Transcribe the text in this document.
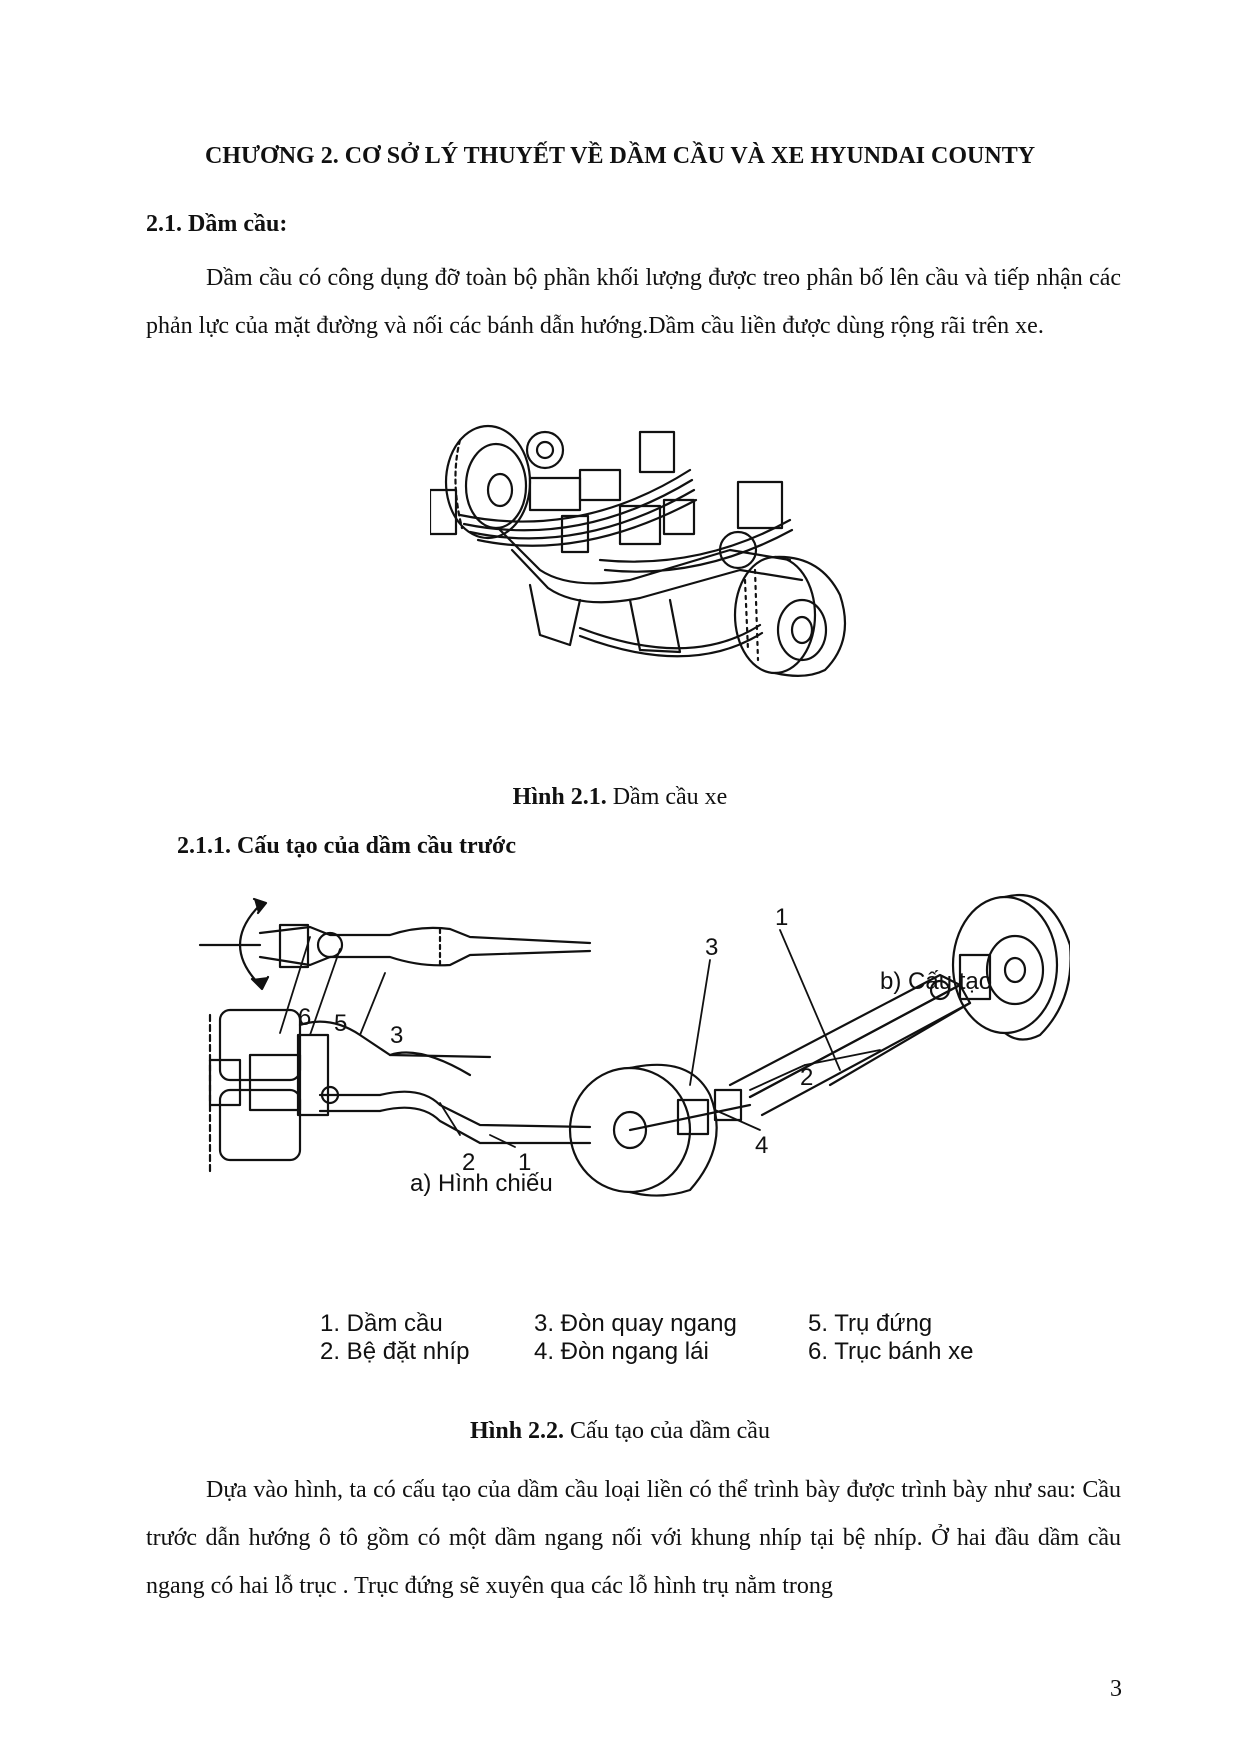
CHƯƠNG 2. CƠ SỞ LÝ THUYẾT VỀ DẦM CẦU VÀ XE HYUNDAI COUNTY
2.1. Dầm cầu:
Dầm cầu có công dụng đỡ toàn bộ phần khối lượng được treo phân bố lên cầu và tiếp nhận các phản lực của mặt đường và nối các bánh dẫn hướng.Dầm cầu liền được dùng rộng rãi trên xe.
Hình 2.1. Dầm cầu xe
2.1.1. Cấu tạo của dầm cầu trước
a) Hình chiếu
b) Cấu tạo
6 5 3
2 1
1
3
2
4
1. Dầm cầu
2. Bệ đặt nhíp
3. Đòn quay ngang
4. Đòn ngang lái
5. Trụ đứng
6. Trục bánh xe
Hình 2.2. Cấu tạo của dầm cầu
Dựa vào hình, ta có cấu tạo của dầm cầu loại liền có thể trình bày được trình bày như sau: Cầu trước dẫn hướng ô tô gồm có một dầm ngang nối với khung nhíp tại bệ nhíp. Ở hai đầu dầm cầu ngang có hai lỗ trục . Trục đứng sẽ xuyên qua các lỗ hình trụ nằm trong
3
